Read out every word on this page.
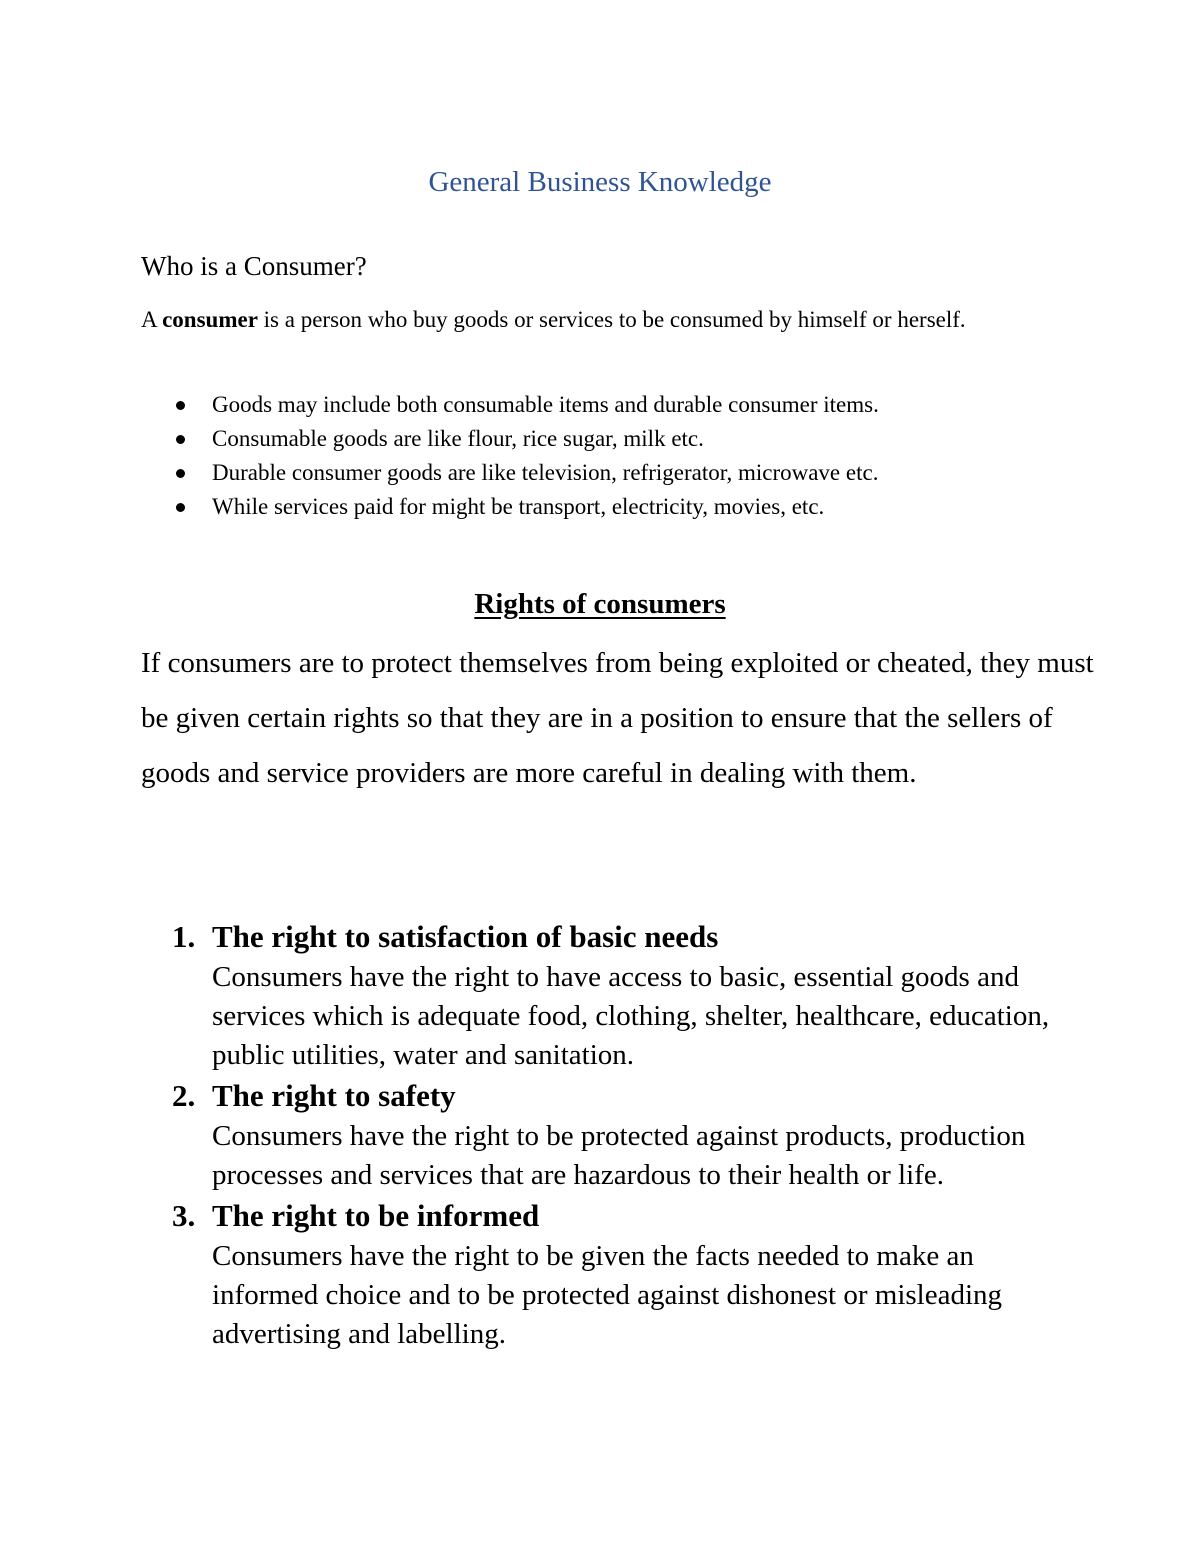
General Business Knowledge
Who is a Consumer?

A consumer is a person who buy goods or services to be consumed by himself or herself.

Goods may include both consumable items and durable consumer items.
Consumable goods are like flour, rice sugar, milk etc.
Durable consumer goods are like television, refrigerator, microwave etc.
While services paid for might be transport, electricity, movies, etc.
Rights of consumers

If consumers are to protect themselves from being exploited or cheated, they must be given certain rights so that they are in a position to ensure that the sellers of goods and service providers are more careful in dealing with them.

1. The right to satisfaction of basic needs

Consumers have the right to have access to basic, essential goods and services which is adequate food, clothing, shelter, healthcare, education, public utilities, water and sanitation.

2. The right to safety

Consumers have the right to be protected against products, production processes and services that are hazardous to their health or life.

3. The right to be informed

Consumers have the right to be given the facts needed to make an informed choice and to be protected against dishonest or misleading advertising and labelling.
